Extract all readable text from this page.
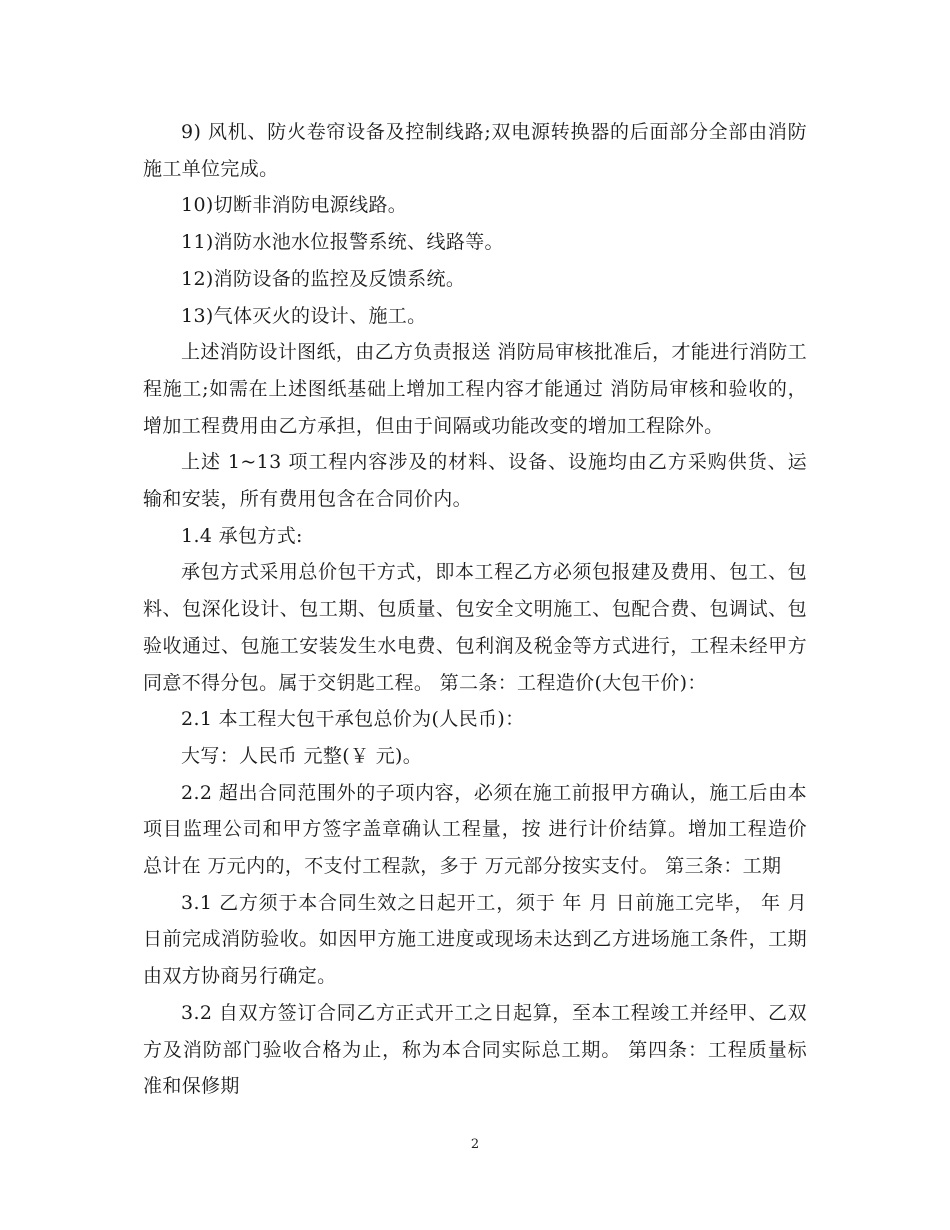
9) 风机、防火卷帘设备及控制线路;双电源转换器的后面部分全部由消防施工单位完成。

10)切断非消防电源线路。

11)消防水池水位报警系统、线路等。

12)消防设备的监控及反馈系统。

13)气体灭火的设计、施工。

上述消防设计图纸，由乙方负责报送 消防局审核批准后，才能进行消防工程施工;如需在上述图纸基础上增加工程内容才能通过 消防局审核和验收的，增加工程费用由乙方承担，但由于间隔或功能改变的增加工程除外。

上述 1~13 项工程内容涉及的材料、设备、设施均由乙方采购供货、运输和安装，所有费用包含在合同价内。

1.4 承包方式:

承包方式采用总价包干方式，即本工程乙方必须包报建及费用、包工、包料、包深化设计、包工期、包质量、包安全文明施工、包配合费、包调试、包验收通过、包施工安装发生水电费、包利润及税金等方式进行，工程未经甲方同意不得分包。属于交钥匙工程。 第二条：工程造价(大包干价)：

2.1 本工程大包干承包总价为(人民币)：

大写：人民币 元整(￥ 元)。

2.2 超出合同范围外的子项内容，必须在施工前报甲方确认，施工后由本项目监理公司和甲方签字盖章确认工程量，按 进行计价结算。增加工程造价总计在 万元内的，不支付工程款，多于 万元部分按实支付。 第三条：工期

3.1 乙方须于本合同生效之日起开工，须于 年 月 日前施工完毕， 年 月 日前完成消防验收。如因甲方施工进度或现场未达到乙方进场施工条件，工期由双方协商另行确定。

3.2 自双方签订合同乙方正式开工之日起算，至本工程竣工并经甲、乙双方及消防部门验收合格为止，称为本合同实际总工期。 第四条：工程质量标准和保修期

2
